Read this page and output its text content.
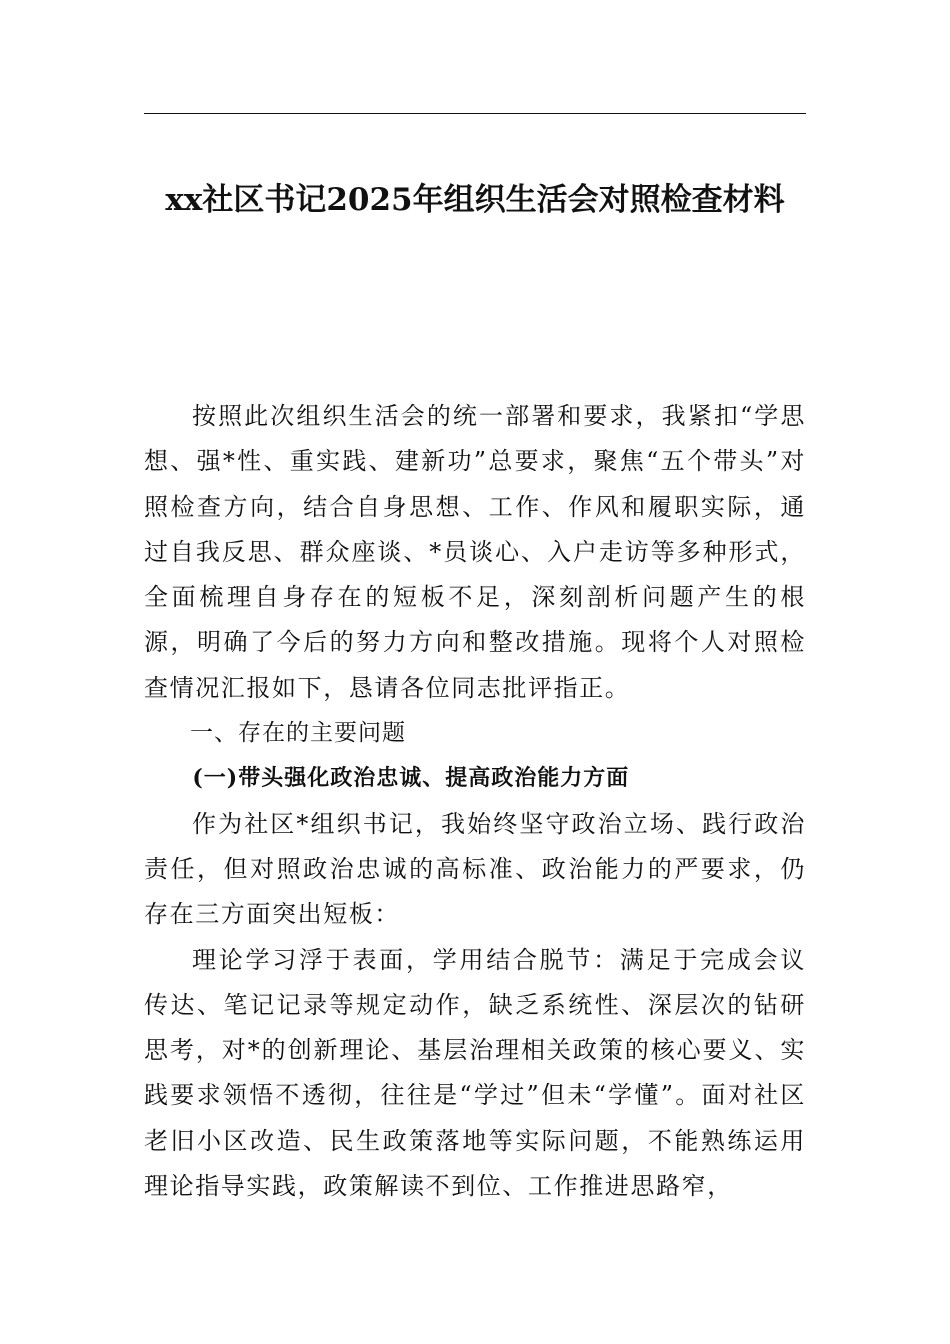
xx社区书记2025年组织生活会对照检查材料

按照此次组织生活会的统一部署和要求，我紧扣“学思想、强*性、重实践、建新功”总要求，聚焦“五个带头”对照检查方向，结合自身思想、工作、作风和履职实际，通过自我反思、群众座谈、*员谈心、入户走访等多种形式，全面梳理自身存在的短板不足，深刻剖析问题产生的根源，明确了今后的努力方向和整改措施。现将个人对照检查情况汇报如下，恳请各位同志批评指正。

一、存在的主要问题

(一)带头强化政治忠诚、提高政治能力方面

作为社区*组织书记，我始终坚守政治立场、践行政治责任，但对照政治忠诚的高标准、政治能力的严要求，仍存在三方面突出短板：

理论学习浮于表面，学用结合脱节：满足于完成会议传达、笔记记录等规定动作，缺乏系统性、深层次的钻研思考，对*的创新理论、基层治理相关政策的核心要义、实践要求领悟不透彻，往往是“学过”但未“学懂”。面对社区老旧小区改造、民生政策落地等实际问题，不能熟练运用理论指导实践，政策解读不到位、工作推进思路窄，
